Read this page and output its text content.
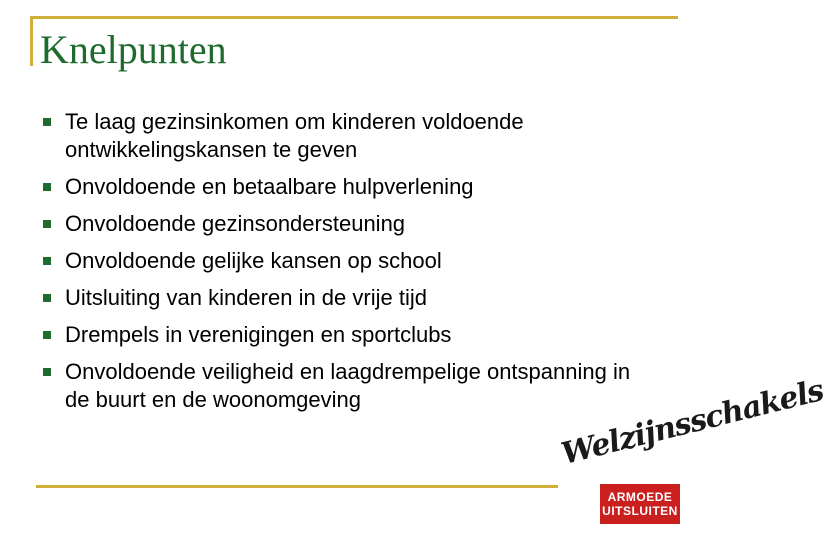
Knelpunten
Te laag gezinsinkomen om kinderen voldoende ontwikkelingskansen te geven
Onvoldoende en betaalbare hulpverlening
Onvoldoende gezinsondersteuning
Onvoldoende gelijke kansen op school
Uitsluiting van kinderen in de vrije tijd
Drempels in verenigingen en sportclubs
Onvoldoende veiligheid en laagdrempelige ontspanning in de buurt en de woonomgeving	Welzijnsschakels
ARMOEDE
UITSLUITEN
